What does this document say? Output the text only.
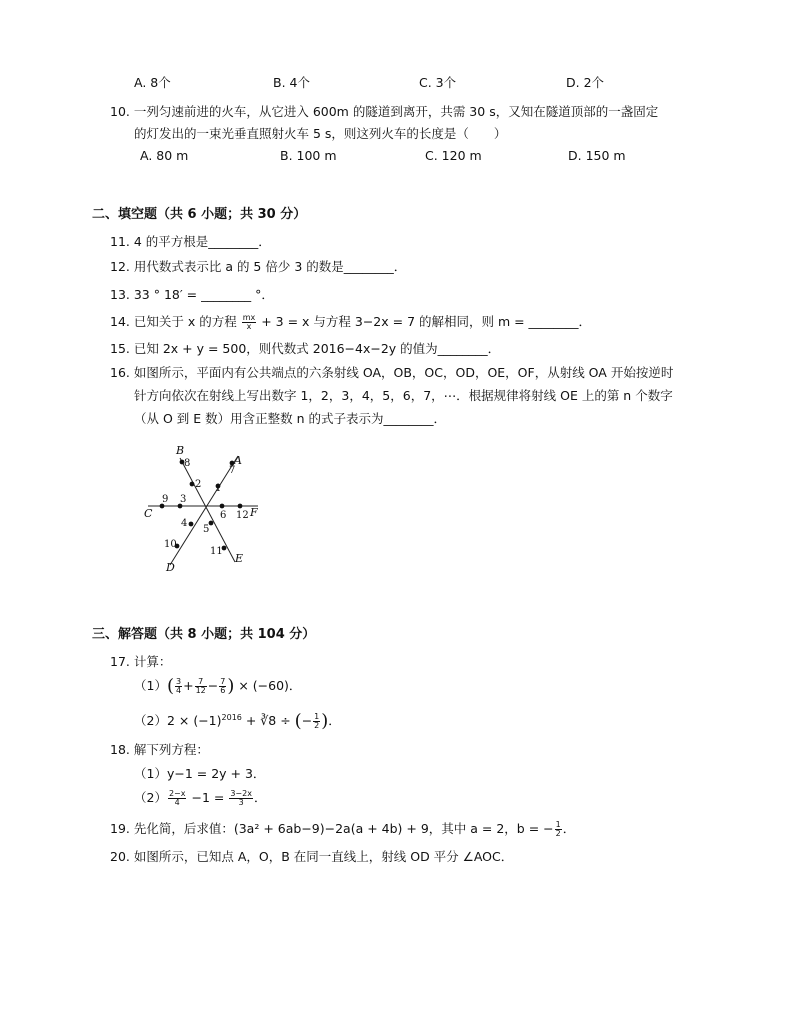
A. 8个	B. 4个	C. 3个	D. 2个
10. 一列匀速前进的火车，从它进入 600m 的隧道到离开，共需 30 s，又知在隧道顶部的一盏固定
的灯发出的一束光垂直照射火车 5 s，则这列火车的长度是（　　）
A. 80 m	B. 100 m	C. 120 m	D. 150 m
二、填空题（共 6 小题；共 30 分）
11. 4 的平方根是________．
12. 用代数式表示比 a 的 5 倍少 3 的数是________．
13. 33 ° 18′ = ________ °．
14. 已知关于 x 的方程 $\frac{mx}{x} + 3 = x$ 与方程 3−2x = 7 的解相同，则 m = ________．
15. 已知 2x + y = 500，则代数式 2016−4x−2y 的值为________．
16. 如图所示，平面内有公共端点的六条射线 OA，OB，OC，OD，OE，OF，从射线 OA 开始按逆时
针方向依次在射线上写出数字 1，2，3，4，5，6，7，⋯．根据规律将射线 OE 上的第 n 个数字
（从 O 到 E 数）用含正整数 n 的式子表示为________．
8
2
7
1
9 3
6 12
4
10
5
11
A
B
C
D
E
F
三、解答题（共 8 小题；共 104 分）
17. 计算：
$(1)( \frac{3}{4} + \frac{7}{12} - \frac{7}{6}$ ) × (−60)．
$(2)2 \times (-1)^{2016}$ + ∛8 ÷ (− $\frac{1}{2}$ )．
18. 解下列方程：
（1）y−1 = 2y + 3．
$(2) \frac{2-x}{4} -1 = \frac{3-2x}{3}$ ．
19. 先化简，后求值：(3a² + 6ab−9)−2a(a + 4b) + 9，其中 a = 2，b = − $\frac{1}{2}$ ．
20. 如图所示，已知点 A，O，B 在同一直线上，射线 OD 平分 ∠AOC．
